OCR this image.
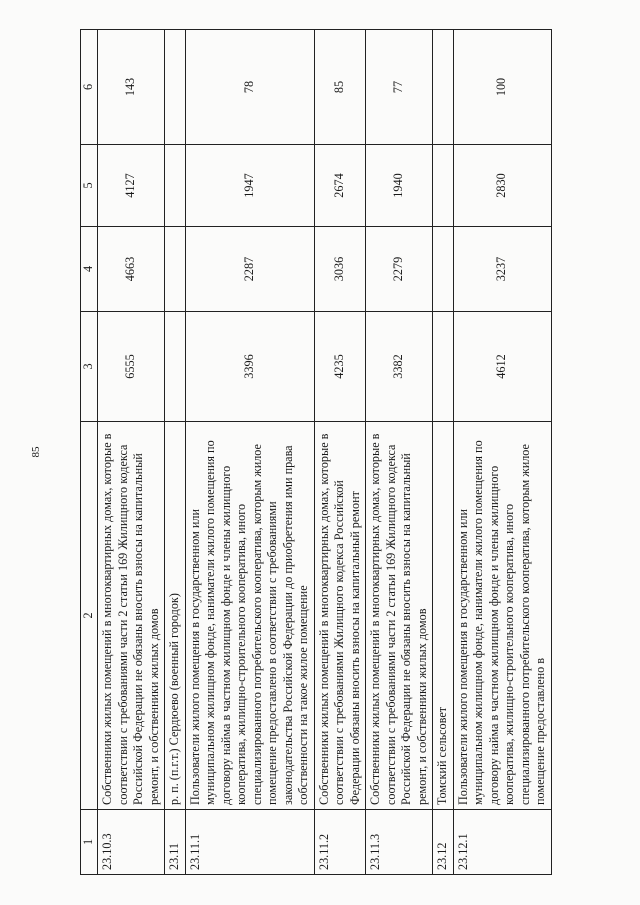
85
1	2	3	4	5	6
23.10.3	Собственники жилых помещений в многоквартирных домах, которые в соответствии с требованиями части 2 статьи 169 Жилищного кодекса Российской Федерации не обязаны вносить взносы на капитальный ремонт, и собственники жилых домов	6555	4663	4127	143
23.11	р. п. (п.г.т.) Сердюево (военный городок)				
23.11.1	Пользователи жилого помещения в государственном или муниципальном жилищном фонде, наниматели жилого помещения по договору найма в частном жилищном фонде и члены жилищного кооператива, жилищно-строительного кооператива, иного специализированного потребительского кооператива, которым жилое помещение предоставлено в соответствии с требованиями законодательства Российской Федерации до приобретения ими права собственности на такое жилое помещение	3396	2287	1947	78
23.11.2	Собственники жилых помещений в многоквартирных домах, которые в соответствии с требованиями Жилищного кодекса Российской Федерации обязаны вносить взносы на капитальный ремонт	4235	3036	2674	85
23.11.3	Собственники жилых помещений в многоквартирных домах, которые в соответствии с требованиями части 2 статьи 169 Жилищного кодекса Российской Федерации не обязаны вносить взносы на капитальный ремонт, и собственники жилых домов	3382	2279	1940	77
23.12	Томский сельсовет				
23.12.1	Пользователи жилого помещения в государственном или муниципальном жилищном фонде, наниматели жилого помещения по договору найма в частном жилищном фонде и члены жилищного кооператива, жилищно-строительного кооператива, иного специализированного потребительского кооператива, которым жилое помещение предоставлено в	4612	3237	2830	100
